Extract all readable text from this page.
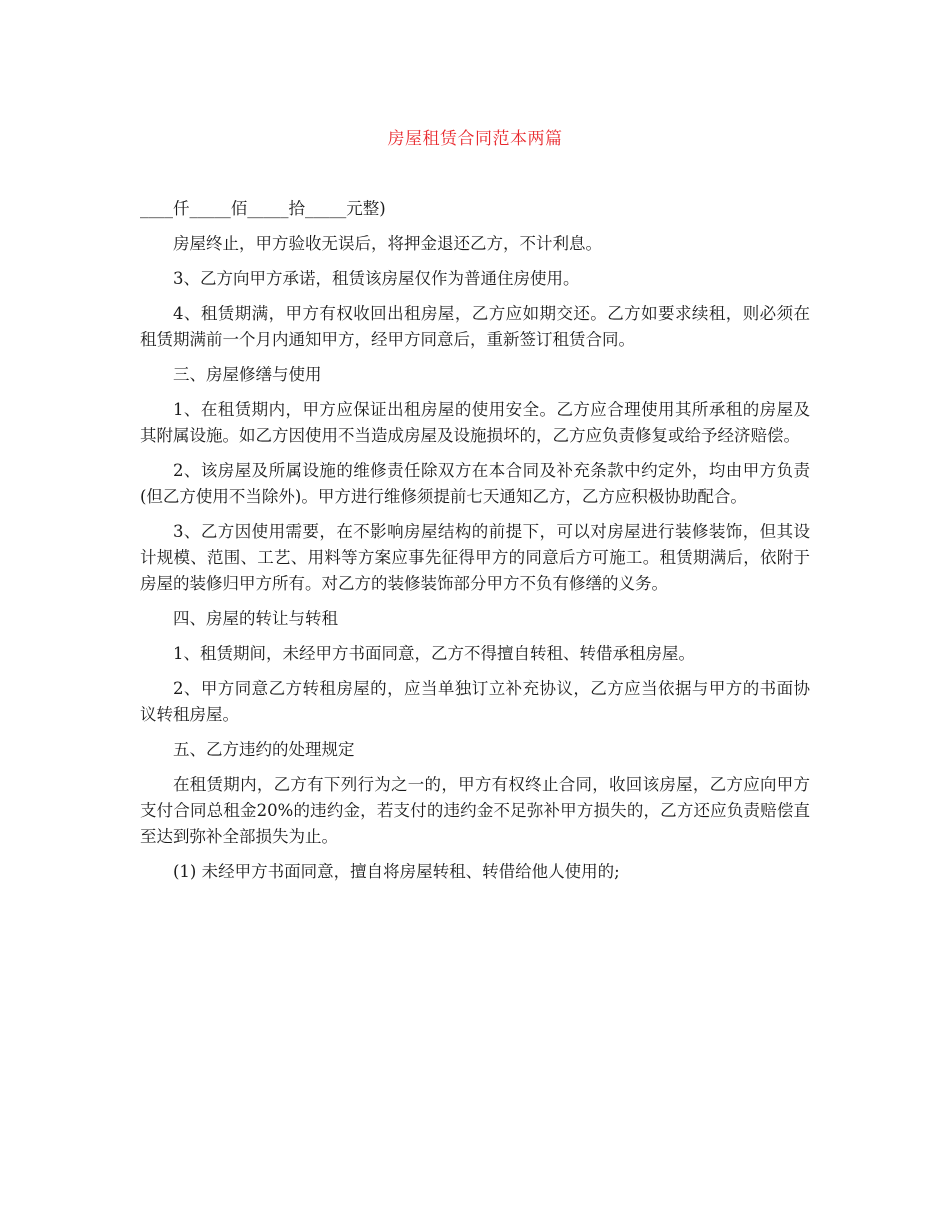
房屋租赁合同范本两篇

____仟_____佰_____拾_____元整)

房屋终止，甲方验收无误后，将押金退还乙方，不计利息。

3、乙方向甲方承诺，租赁该房屋仅作为普通住房使用。

4、租赁期满，甲方有权收回出租房屋，乙方应如期交还。乙方如要求续租，则必须在租赁期满前一个月内通知甲方，经甲方同意后，重新签订租赁合同。

三、房屋修缮与使用

1、在租赁期内，甲方应保证出租房屋的使用安全。乙方应合理使用其所承租的房屋及其附属设施。如乙方因使用不当造成房屋及设施损坏的，乙方应负责修复或给予经济赔偿。

2、该房屋及所属设施的维修责任除双方在本合同及补充条款中约定外，均由甲方负责(但乙方使用不当除外)。甲方进行维修须提前七天通知乙方，乙方应积极协助配合。

3、乙方因使用需要，在不影响房屋结构的前提下，可以对房屋进行装修装饰，但其设计规模、范围、工艺、用料等方案应事先征得甲方的同意后方可施工。租赁期满后，依附于房屋的装修归甲方所有。对乙方的装修装饰部分甲方不负有修缮的义务。

四、房屋的转让与转租

1、租赁期间，未经甲方书面同意，乙方不得擅自转租、转借承租房屋。

2、甲方同意乙方转租房屋的，应当单独订立补充协议，乙方应当依据与甲方的书面协议转租房屋。

五、乙方违约的处理规定

在租赁期内，乙方有下列行为之一的，甲方有权终止合同，收回该房屋，乙方应向甲方支付合同总租金20%的违约金，若支付的违约金不足弥补甲方损失的，乙方还应负责赔偿直至达到弥补全部损失为止。

(1) 未经甲方书面同意，擅自将房屋转租、转借给他人使用的;
